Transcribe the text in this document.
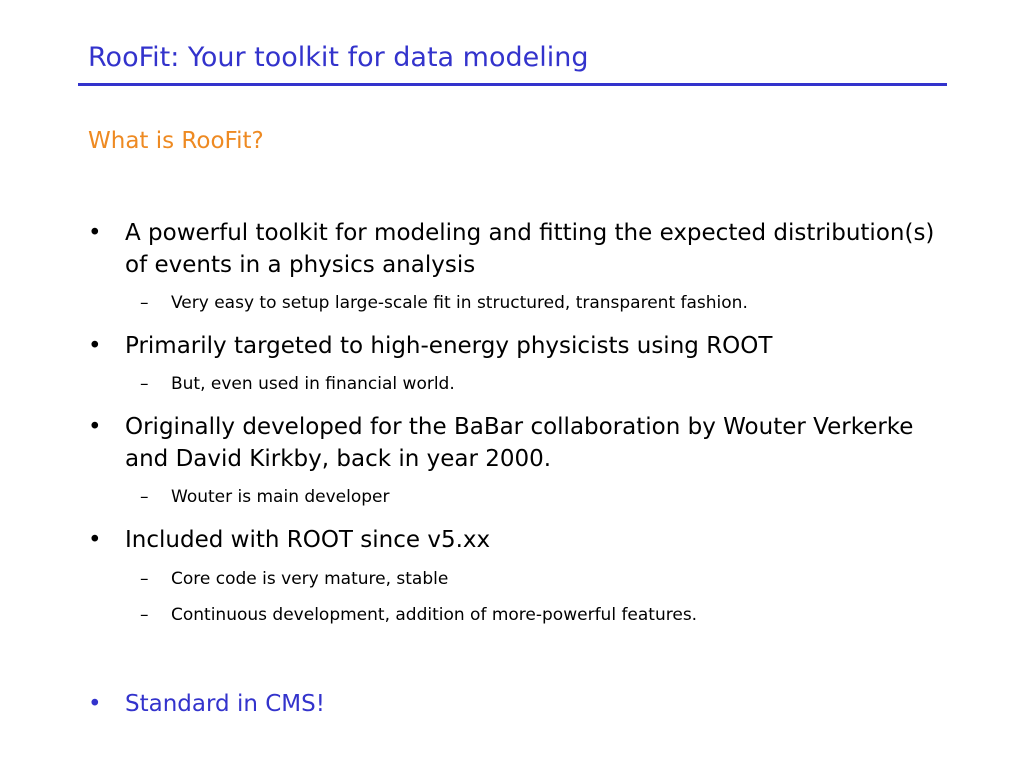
RooFit: Your toolkit for data modeling
What is RooFit?
• A powerful toolkit for modeling and fitting the expected distribution(s) of events in a physics analysis
– Very easy to setup large-scale fit in structured, transparent fashion.
• Primarily targeted to high-energy physicists using ROOT
– But, even used in financial world.
• Originally developed for the BaBar collaboration by Wouter Verkerke and David Kirkby, back in year 2000.
– Wouter is main developer
• Included with ROOT since v5.xx
– Core code is very mature, stable
– Continuous development, addition of more-powerful features.
• Standard in CMS!
